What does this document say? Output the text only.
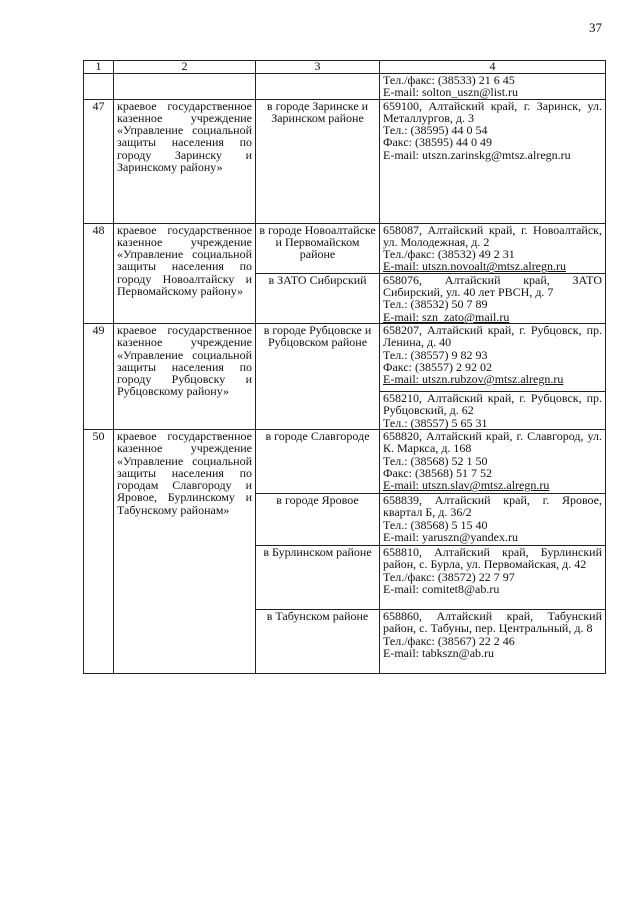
37
1	2	3	4

			Тел./факс: (38533) 21 6 45
E-mail: solton_uszn@list.ru

47	краевое государственное казенное учреждение «Управление социальной защиты населения по городу Заринску и Заринскому району»	в городе Заринске и Заринском районе	659100, Алтайский край, г. Заринск, ул. Металлургов, д. 3
Тел.: (38595) 44 0 54
Факс: (38595) 44 0 49
E-mail: utszn.zarinskg@mtsz.alregn.ru

48	краевое государственное казенное учреждение «Управление социальной защиты населения по городу Новоалтайску и Первомайскому району»	в городе Новоалтайске и Первомайском районе	658087, Алтайский край, г. Новоалтайск, ул. Молодежная, д. 2
Тел./факс: (38532) 49 2 31
E-mail: utszn.novoalt@mtsz.alregn.ru

		в ЗАТО Сибирский	658076, Алтайский край, ЗАТО Сибирский, ул. 40 лет РВСН, д. 7
Тел.: (38532) 50 7 89
E-mail: szn_zato@mail.ru

49	краевое государственное казенное учреждение «Управление социальной защиты населения по городу Рубцовску и Рубцовскому району»	в городе Рубцовске и Рубцовском районе	658207, Алтайский край, г. Рубцовск, пр. Ленина, д. 40
Тел.: (38557) 9 82 93
Факс: (38557) 2 92 02
E-mail: utszn.rubzov@mtsz.alregn.ru

			658210, Алтайский край, г. Рубцовск, пр. Рубцовский, д. 62
Тел.: (38557) 5 65 31

50	краевое государственное казенное учреждение «Управление социальной защиты населения по городам Славгороду и Яровое, Бурлинскому и Табунскому районам»	в городе Славгороде	658820, Алтайский край, г. Славгород, ул. К. Маркса, д. 168
Тел.: (38568) 52 1 50
Факс: (38568) 51 7 52
E-mail: utszn.slav@mtsz.alregn.ru

		в городе Яровое	658839, Алтайский край, г. Яровое, квартал Б, д. 36/2
Тел.: (38568) 5 15 40
E-mail: yaruszn@yandex.ru

		в Бурлинском районе	658810, Алтайский край, Бурлинский район, с. Бурла, ул. Первомайская, д. 42
Тел./факс: (38572) 22 7 97
E-mail: comitet8@ab.ru

		в Табунском районе	658860, Алтайский край, Табунский район, с. Табуны, пер. Центральный, д. 8
Тел./факс: (38567) 22 2 46
E-mail: tabkszn@ab.ru
